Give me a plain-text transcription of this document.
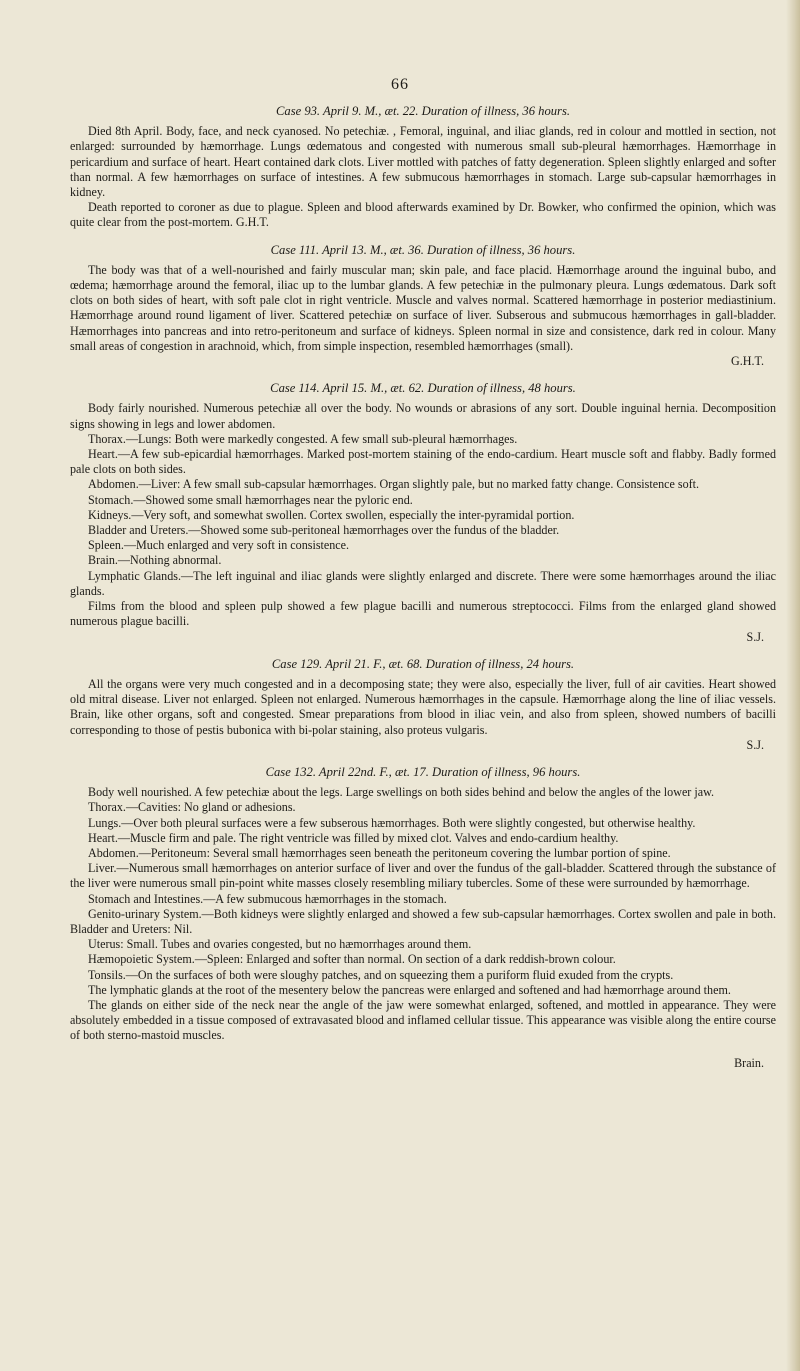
66

Case 93. April 9. M., æt. 22. Duration of illness, 36 hours.

Died 8th April. Body, face, and neck cyanosed. No petechiæ. , Femoral, inguinal, and iliac glands, red in colour and mottled in section, not enlarged: surrounded by hæmorrhage. Lungs œdematous and congested with numerous small sub-pleural hæmorrhages. Hæmorrhage in pericardium and surface of heart. Heart contained dark clots. Liver mottled with patches of fatty degeneration. Spleen slightly enlarged and softer than normal. A few hæmorrhages on surface of intestines. A few submucous hæmorrhages in stomach. Large sub-capsular hæmorrhages in kidney.

Death reported to coroner as due to plague. Spleen and blood afterwards examined by Dr. Bowker, who confirmed the opinion, which was quite clear from the post-mortem. G.H.T.

Case 111. April 13. M., æt. 36. Duration of illness, 36 hours.

The body was that of a well-nourished and fairly muscular man; skin pale, and face placid. Hæmorrhage around the inguinal bubo, and œdema; hæmorrhage around the femoral, iliac up to the lumbar glands. A few petechiæ in the pulmonary pleura. Lungs œdematous. Dark soft clots on both sides of heart, with soft pale clot in right ventricle. Muscle and valves normal. Scattered hæmorrhage in posterior mediastinium. Hæmorrhage around round ligament of liver. Scattered petechiæ on surface of liver. Subserous and submucous hæmorrhages in gall-bladder. Hæmorrhages into pancreas and into retro-peritoneum and surface of kidneys. Spleen normal in size and consistence, dark red in colour. Many small areas of congestion in arachnoid, which, from simple inspection, resembled hæmorrhages (small).

G.H.T.

Case 114. April 15. M., æt. 62. Duration of illness, 48 hours.

Body fairly nourished. Numerous petechiæ all over the body. No wounds or abrasions of any sort. Double inguinal hernia. Decomposition signs showing in legs and lower abdomen.

Thorax.—Lungs: Both were markedly congested. A few small sub-pleural hæmorrhages.

Heart.—A few sub-epicardial hæmorrhages. Marked post-mortem staining of the endo-cardium. Heart muscle soft and flabby. Badly formed pale clots on both sides.

Abdomen.—Liver: A few small sub-capsular hæmorrhages. Organ slightly pale, but no marked fatty change. Consistence soft.

Stomach.—Showed some small hæmorrhages near the pyloric end.

Kidneys.—Very soft, and somewhat swollen. Cortex swollen, especially the inter-pyramidal portion.

Bladder and Ureters.—Showed some sub-peritoneal hæmorrhages over the fundus of the bladder.

Spleen.—Much enlarged and very soft in consistence.

Brain.—Nothing abnormal.

Lymphatic Glands.—The left inguinal and iliac glands were slightly enlarged and discrete. There were some hæmorrhages around the iliac glands.

Films from the blood and spleen pulp showed a few plague bacilli and numerous streptococci. Films from the enlarged gland showed numerous plague bacilli.

S.J.

Case 129. April 21. F., æt. 68. Duration of illness, 24 hours.

All the organs were very much congested and in a decomposing state; they were also, especially the liver, full of air cavities. Heart showed old mitral disease. Liver not enlarged. Spleen not enlarged. Numerous hæmorrhages in the capsule. Hæmorrhage along the line of iliac vessels. Brain, like other organs, soft and congested. Smear preparations from blood in iliac vein, and also from spleen, showed numbers of bacilli corresponding to those of pestis bubonica with bi-polar staining, also proteus vulgaris.

S.J.

Case 132. April 22nd. F., æt. 17. Duration of illness, 96 hours.

Body well nourished. A few petechiæ about the legs. Large swellings on both sides behind and below the angles of the lower jaw.

Thorax.—Cavities: No gland or adhesions.

Lungs.—Over both pleural surfaces were a few subserous hæmorrhages. Both were slightly congested, but otherwise healthy.

Heart.—Muscle firm and pale. The right ventricle was filled by mixed clot. Valves and endo-cardium healthy.

Abdomen.—Peritoneum: Several small hæmorrhages seen beneath the peritoneum covering the lumbar portion of spine.

Liver.—Numerous small hæmorrhages on anterior surface of liver and over the fundus of the gall-bladder. Scattered through the substance of the liver were numerous small pin-point white masses closely resembling miliary tubercles. Some of these were surrounded by hæmorrhage.

Stomach and Intestines.—A few submucous hæmorrhages in the stomach.

Genito-urinary System.—Both kidneys were slightly enlarged and showed a few sub-capsular hæmorrhages. Cortex swollen and pale in both. Bladder and Ureters: Nil.

Uterus: Small. Tubes and ovaries congested, but no hæmorrhages around them.

Hæmopoietic System.—Spleen: Enlarged and softer than normal. On section of a dark reddish-brown colour.

Tonsils.—On the surfaces of both were sloughy patches, and on squeezing them a puriform fluid exuded from the crypts.

The lymphatic glands at the root of the mesentery below the pancreas were enlarged and softened and had hæmorrhage around them.

The glands on either side of the neck near the angle of the jaw were somewhat enlarged, softened, and mottled in appearance. They were absolutely embedded in a tissue composed of extravasated blood and inflamed cellular tissue. This appearance was visible along the entire course of both sterno-mastoid muscles.

Brain.
